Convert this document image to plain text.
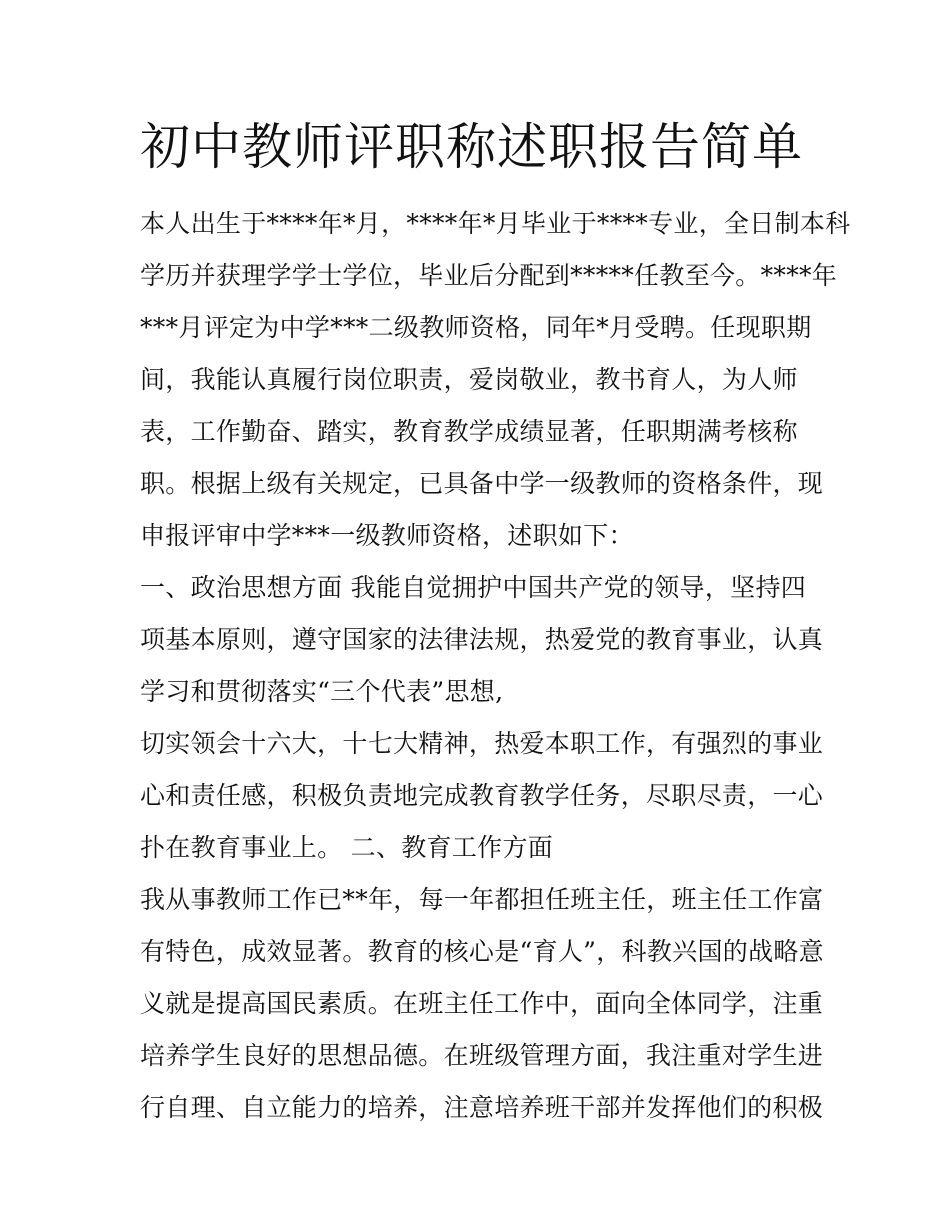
初中教师评职称述职报告简单
本人出生于****年*月，****年*月毕业于****专业，全日制本科
学历并获理学学士学位，毕业后分配到*****任教至今。****年
***月评定为中学***二级教师资格，同年*月受聘。任现职期
间，我能认真履行岗位职责，爱岗敬业，教书育人，为人师
表，工作勤奋、踏实，教育教学成绩显著，任职期满考核称
职。根据上级有关规定，已具备中学一级教师的资格条件，现
申报评审中学***一级教师资格，述职如下：
一、政治思想方面 我能自觉拥护中国共产党的领导，坚持四
项基本原则，遵守国家的法律法规，热爱党的教育事业，认真
学习和贯彻落实“三个代表”思想,
切实领会十六大，十七大精神，热爱本职工作，有强烈的事业
心和责任感，积极负责地完成教育教学任务，尽职尽责，一心
扑在教育事业上。 二、教育工作方面
我从事教师工作已**年，每一年都担任班主任，班主任工作富
有特色，成效显著。教育的核心是“育人”，科教兴国的战略意
义就是提高国民素质。在班主任工作中，面向全体同学，注重
培养学生良好的思想品德。在班级管理方面，我注重对学生进
行自理、自立能力的培养，注意培养班干部并发挥他们的积极
